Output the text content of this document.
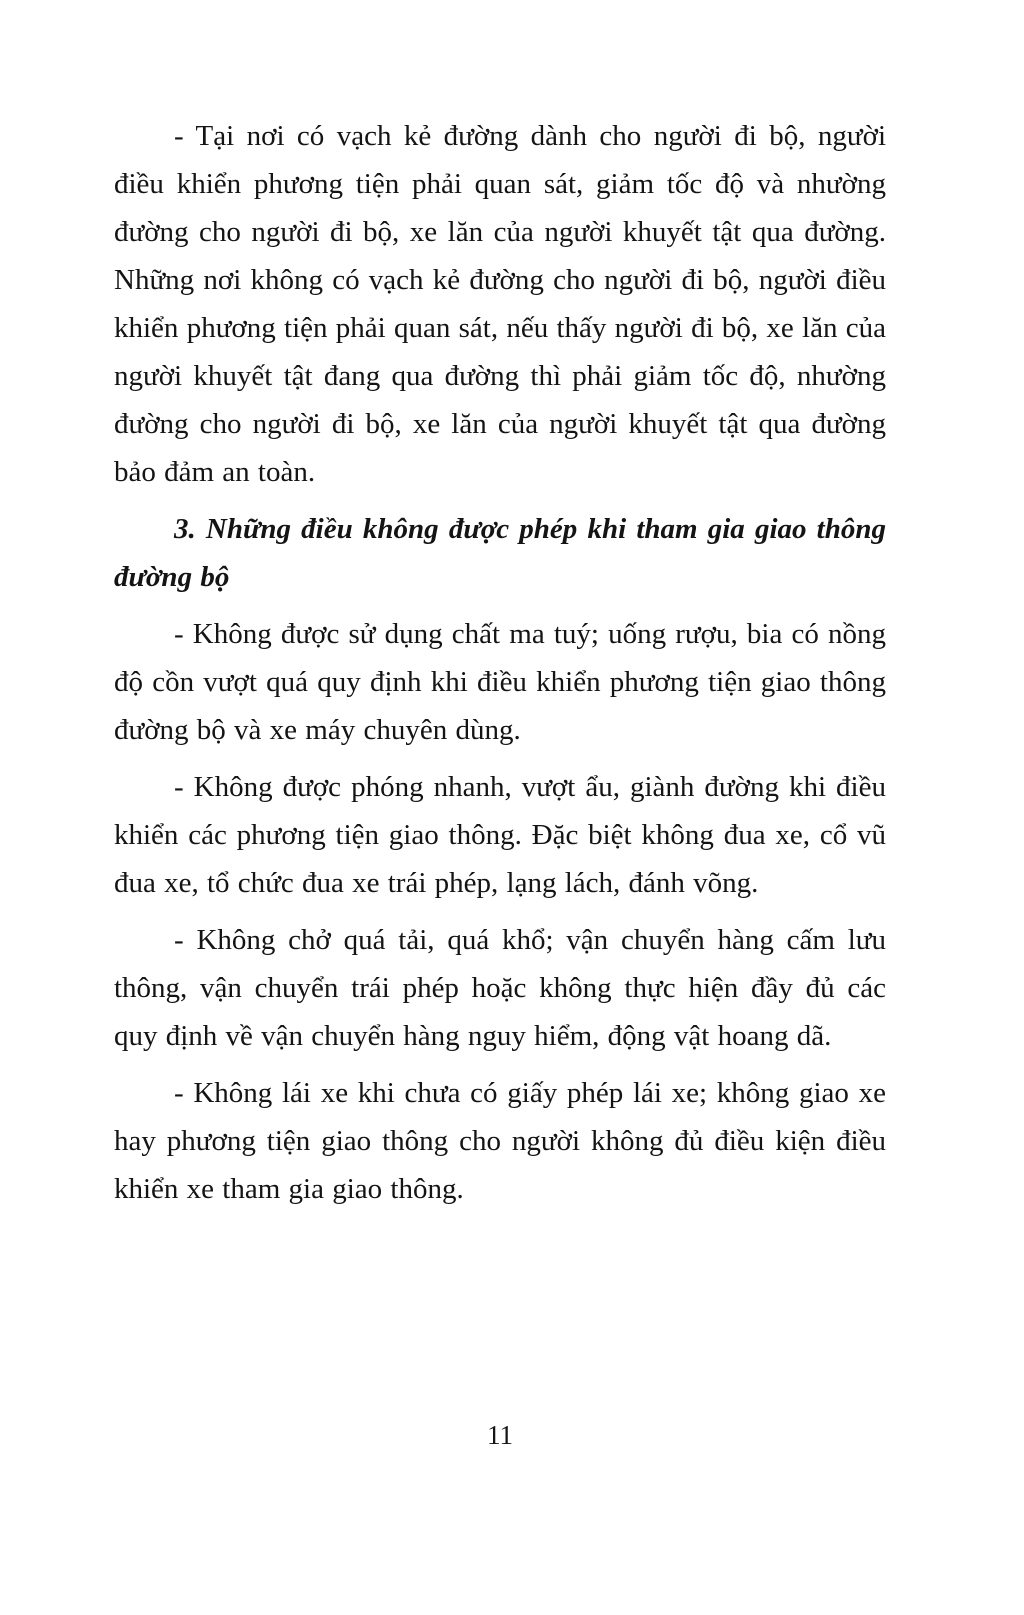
- Tại nơi có vạch kẻ đường dành cho người đi bộ, người điều khiển phương tiện phải quan sát, giảm tốc độ và nhường đường cho người đi bộ, xe lăn của người khuyết tật qua đường. Những nơi không có vạch kẻ đường cho người đi bộ, người điều khiển phương tiện phải quan sát, nếu thấy người đi bộ, xe lăn của người khuyết tật đang qua đường thì phải giảm tốc độ, nhường đường cho người đi bộ, xe lăn của người khuyết tật qua đường bảo đảm an toàn.

3. Những điều không được phép khi tham gia giao thông đường bộ

- Không được sử dụng chất ma tuý; uống rượu, bia có nồng độ cồn vượt quá quy định khi điều khiển phương tiện giao thông đường bộ và xe máy chuyên dùng.

- Không được phóng nhanh, vượt ẩu, giành đường khi điều khiển các phương tiện giao thông. Đặc biệt không đua xe, cổ vũ đua xe, tổ chức đua xe trái phép, lạng lách, đánh võng.

- Không chở quá tải, quá khổ; vận chuyển hàng cấm lưu thông, vận chuyển trái phép hoặc không thực hiện đầy đủ các quy định về vận chuyển hàng nguy hiểm, động vật hoang dã.

- Không lái xe khi chưa có giấy phép lái xe; không giao xe hay phương tiện giao thông cho người không đủ điều kiện điều khiển xe tham gia giao thông.

11
